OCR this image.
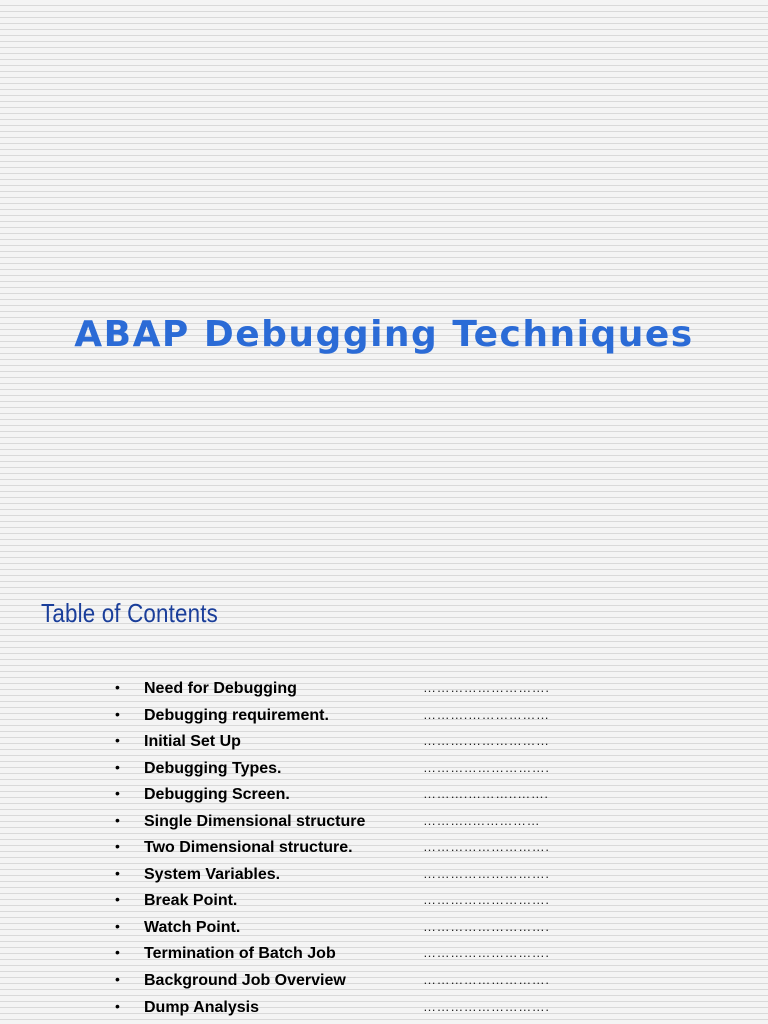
ABAP Debugging Techniques
Table of Contents
• Need for Debugging	……………………….
• Debugging requirement.	……….………………
• Initial Set Up	……….………………
• Debugging Types.	……………………….
• Debugging Screen.	……….………..…….
• Single Dimensional structure	………..……………
• Two Dimensional structure.	……………………….
• System Variables.	……………………….
• Break Point.	……………………….
• Watch Point.	……………………….
• Termination of Batch Job	……………………….
• Background Job Overview	……………………….
• Dump Analysis	……………………….
